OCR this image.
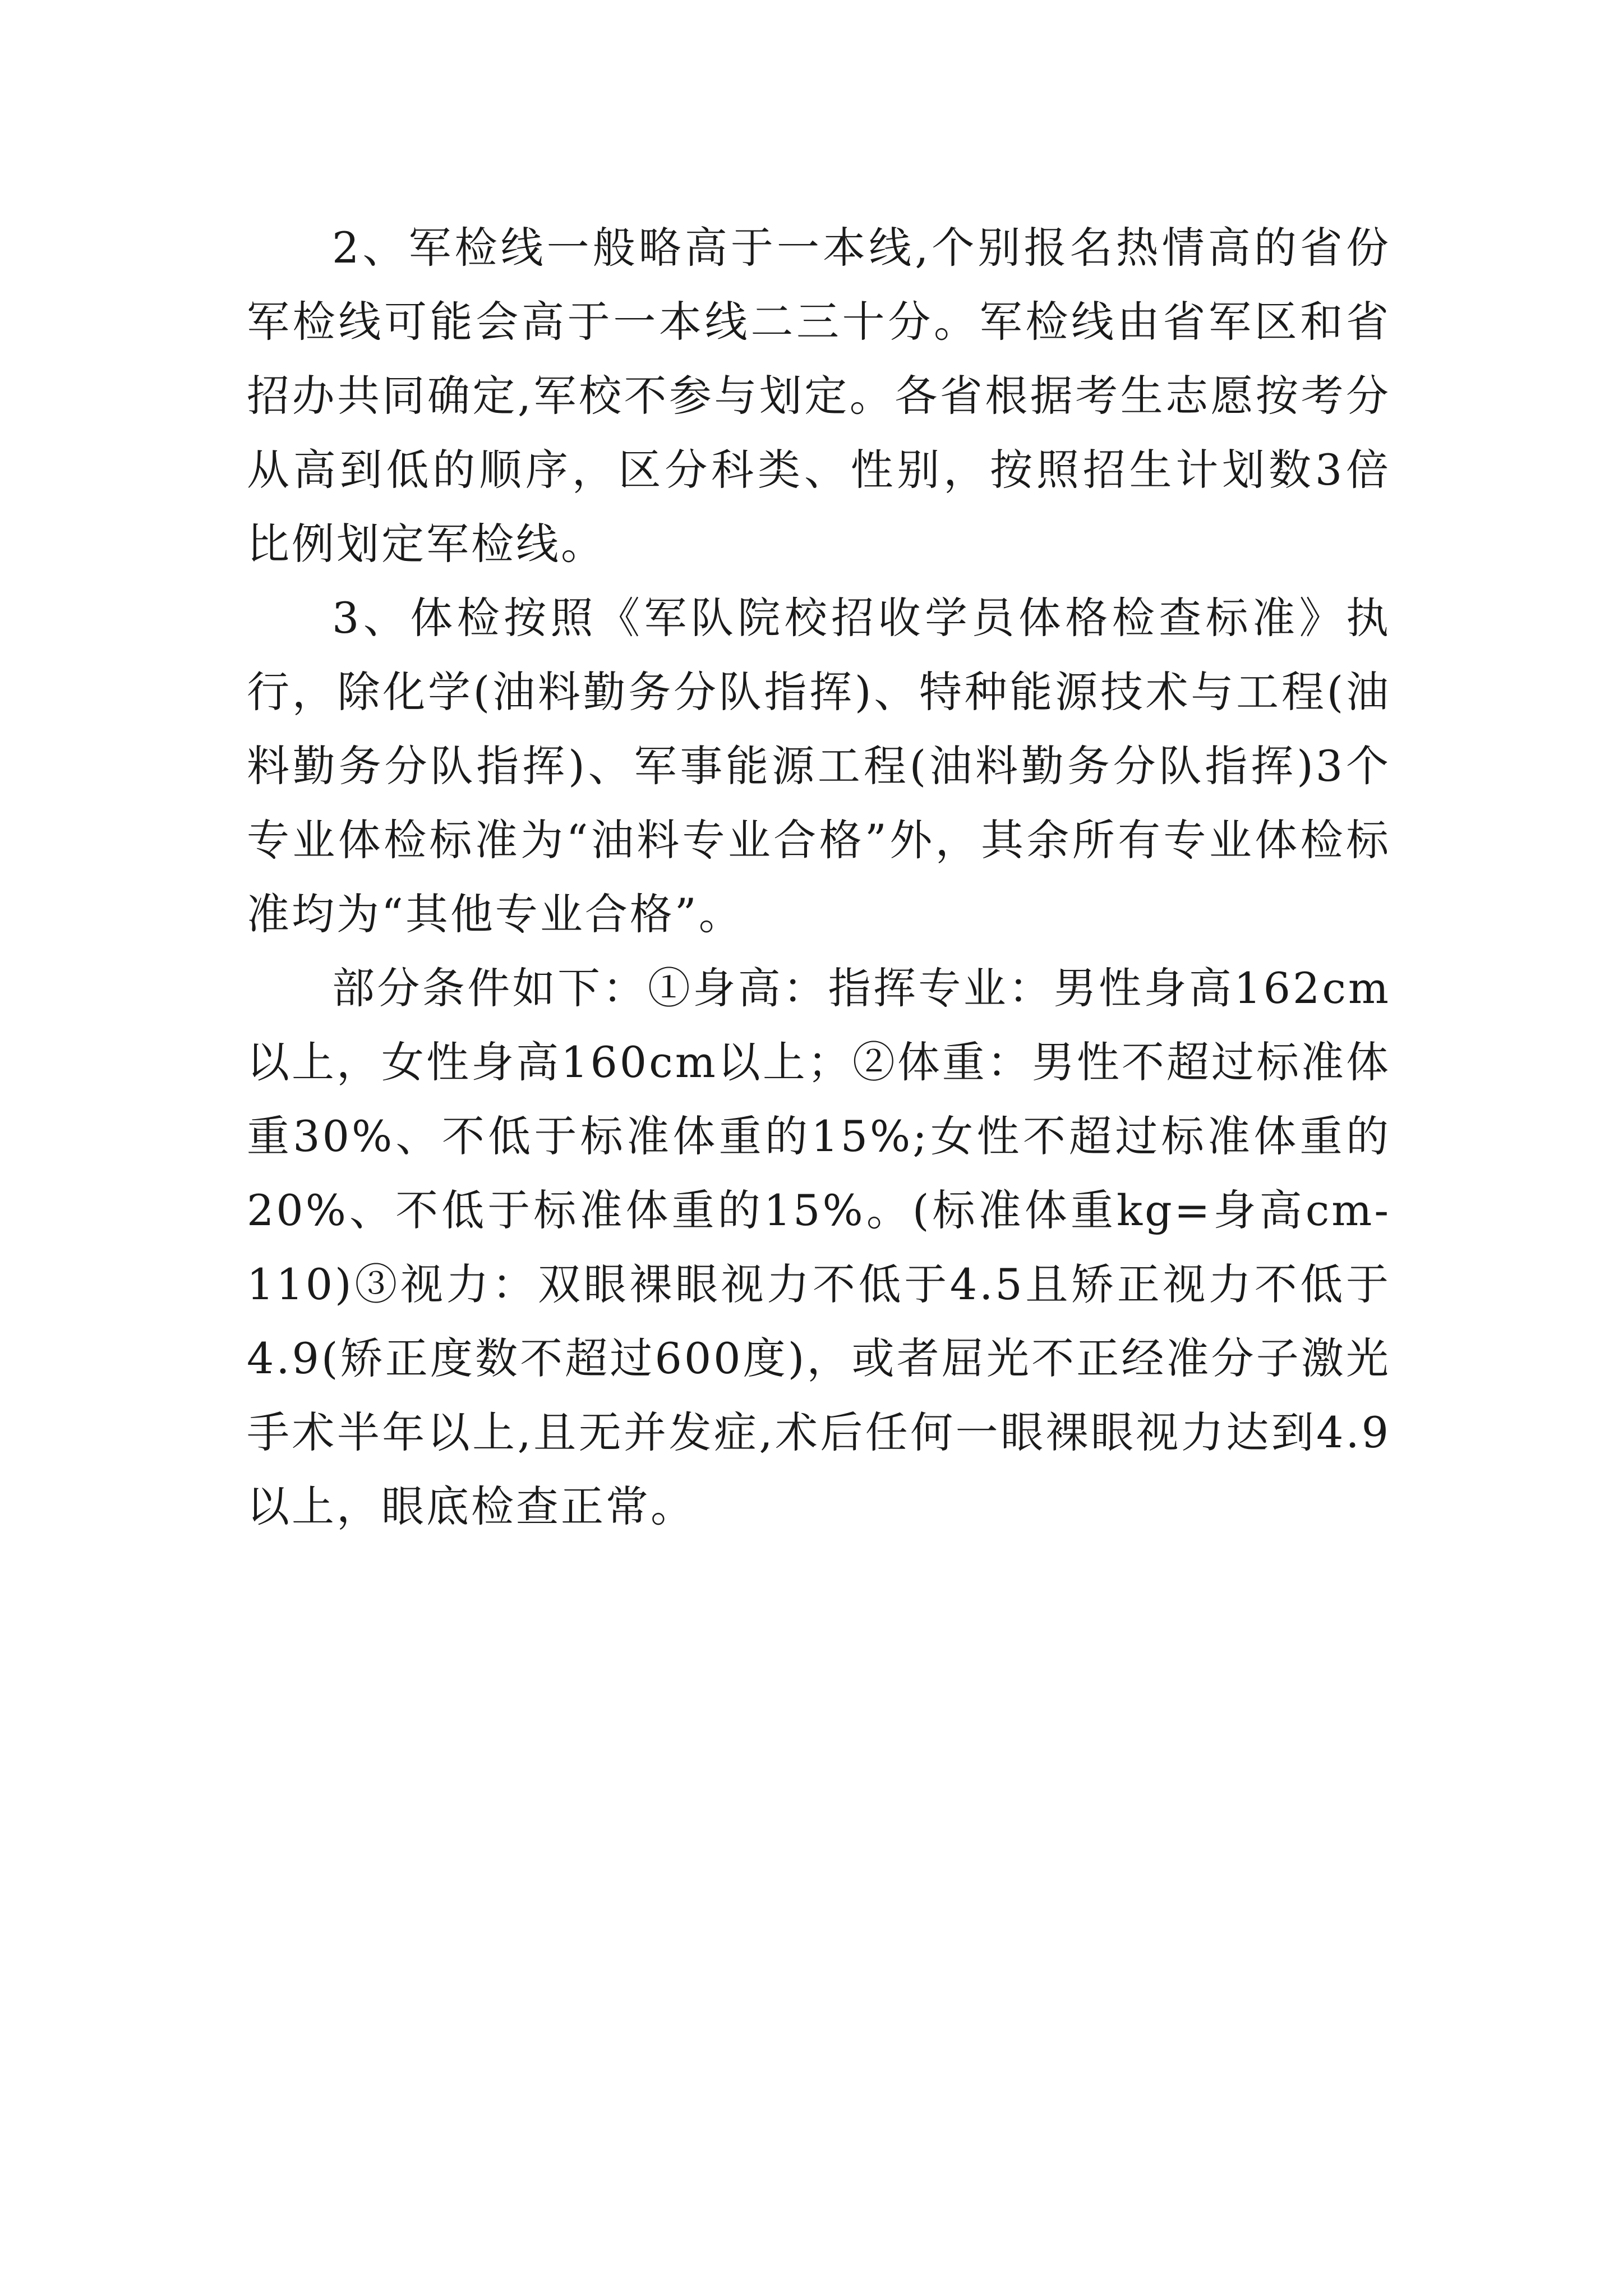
2、军检线一般略高于一本线,个别报名热情高的省份军检线可能会高于一本线二三十分。军检线由省军区和省招办共同确定,军校不参与划定。各省根据考生志愿按考分从高到低的顺序，区分科类、性别，按照招生计划数3倍比例划定军检线。

3、体检按照《军队院校招收学员体格检查标准》执行，除化学(油料勤务分队指挥)、特种能源技术与工程(油料勤务分队指挥)、军事能源工程(油料勤务分队指挥)3个专业体检标准为“油料专业合格”外，其余所有专业体检标准均为“其他专业合格”。

部分条件如下：①身高：指挥专业：男性身高162cm以上，女性身高160cm以上；②体重：男性不超过标准体重30%、不低于标准体重的15%;女性不超过标准体重的20%、不低于标准体重的15%。(标准体重kg=身高cm-110)③视力：双眼裸眼视力不低于4.5且矫正视力不低于4.9(矫正度数不超过600度)，或者屈光不正经准分子激光手术半年以上,且无并发症,术后任何一眼裸眼视力达到4.9以上，眼底检查正常。
